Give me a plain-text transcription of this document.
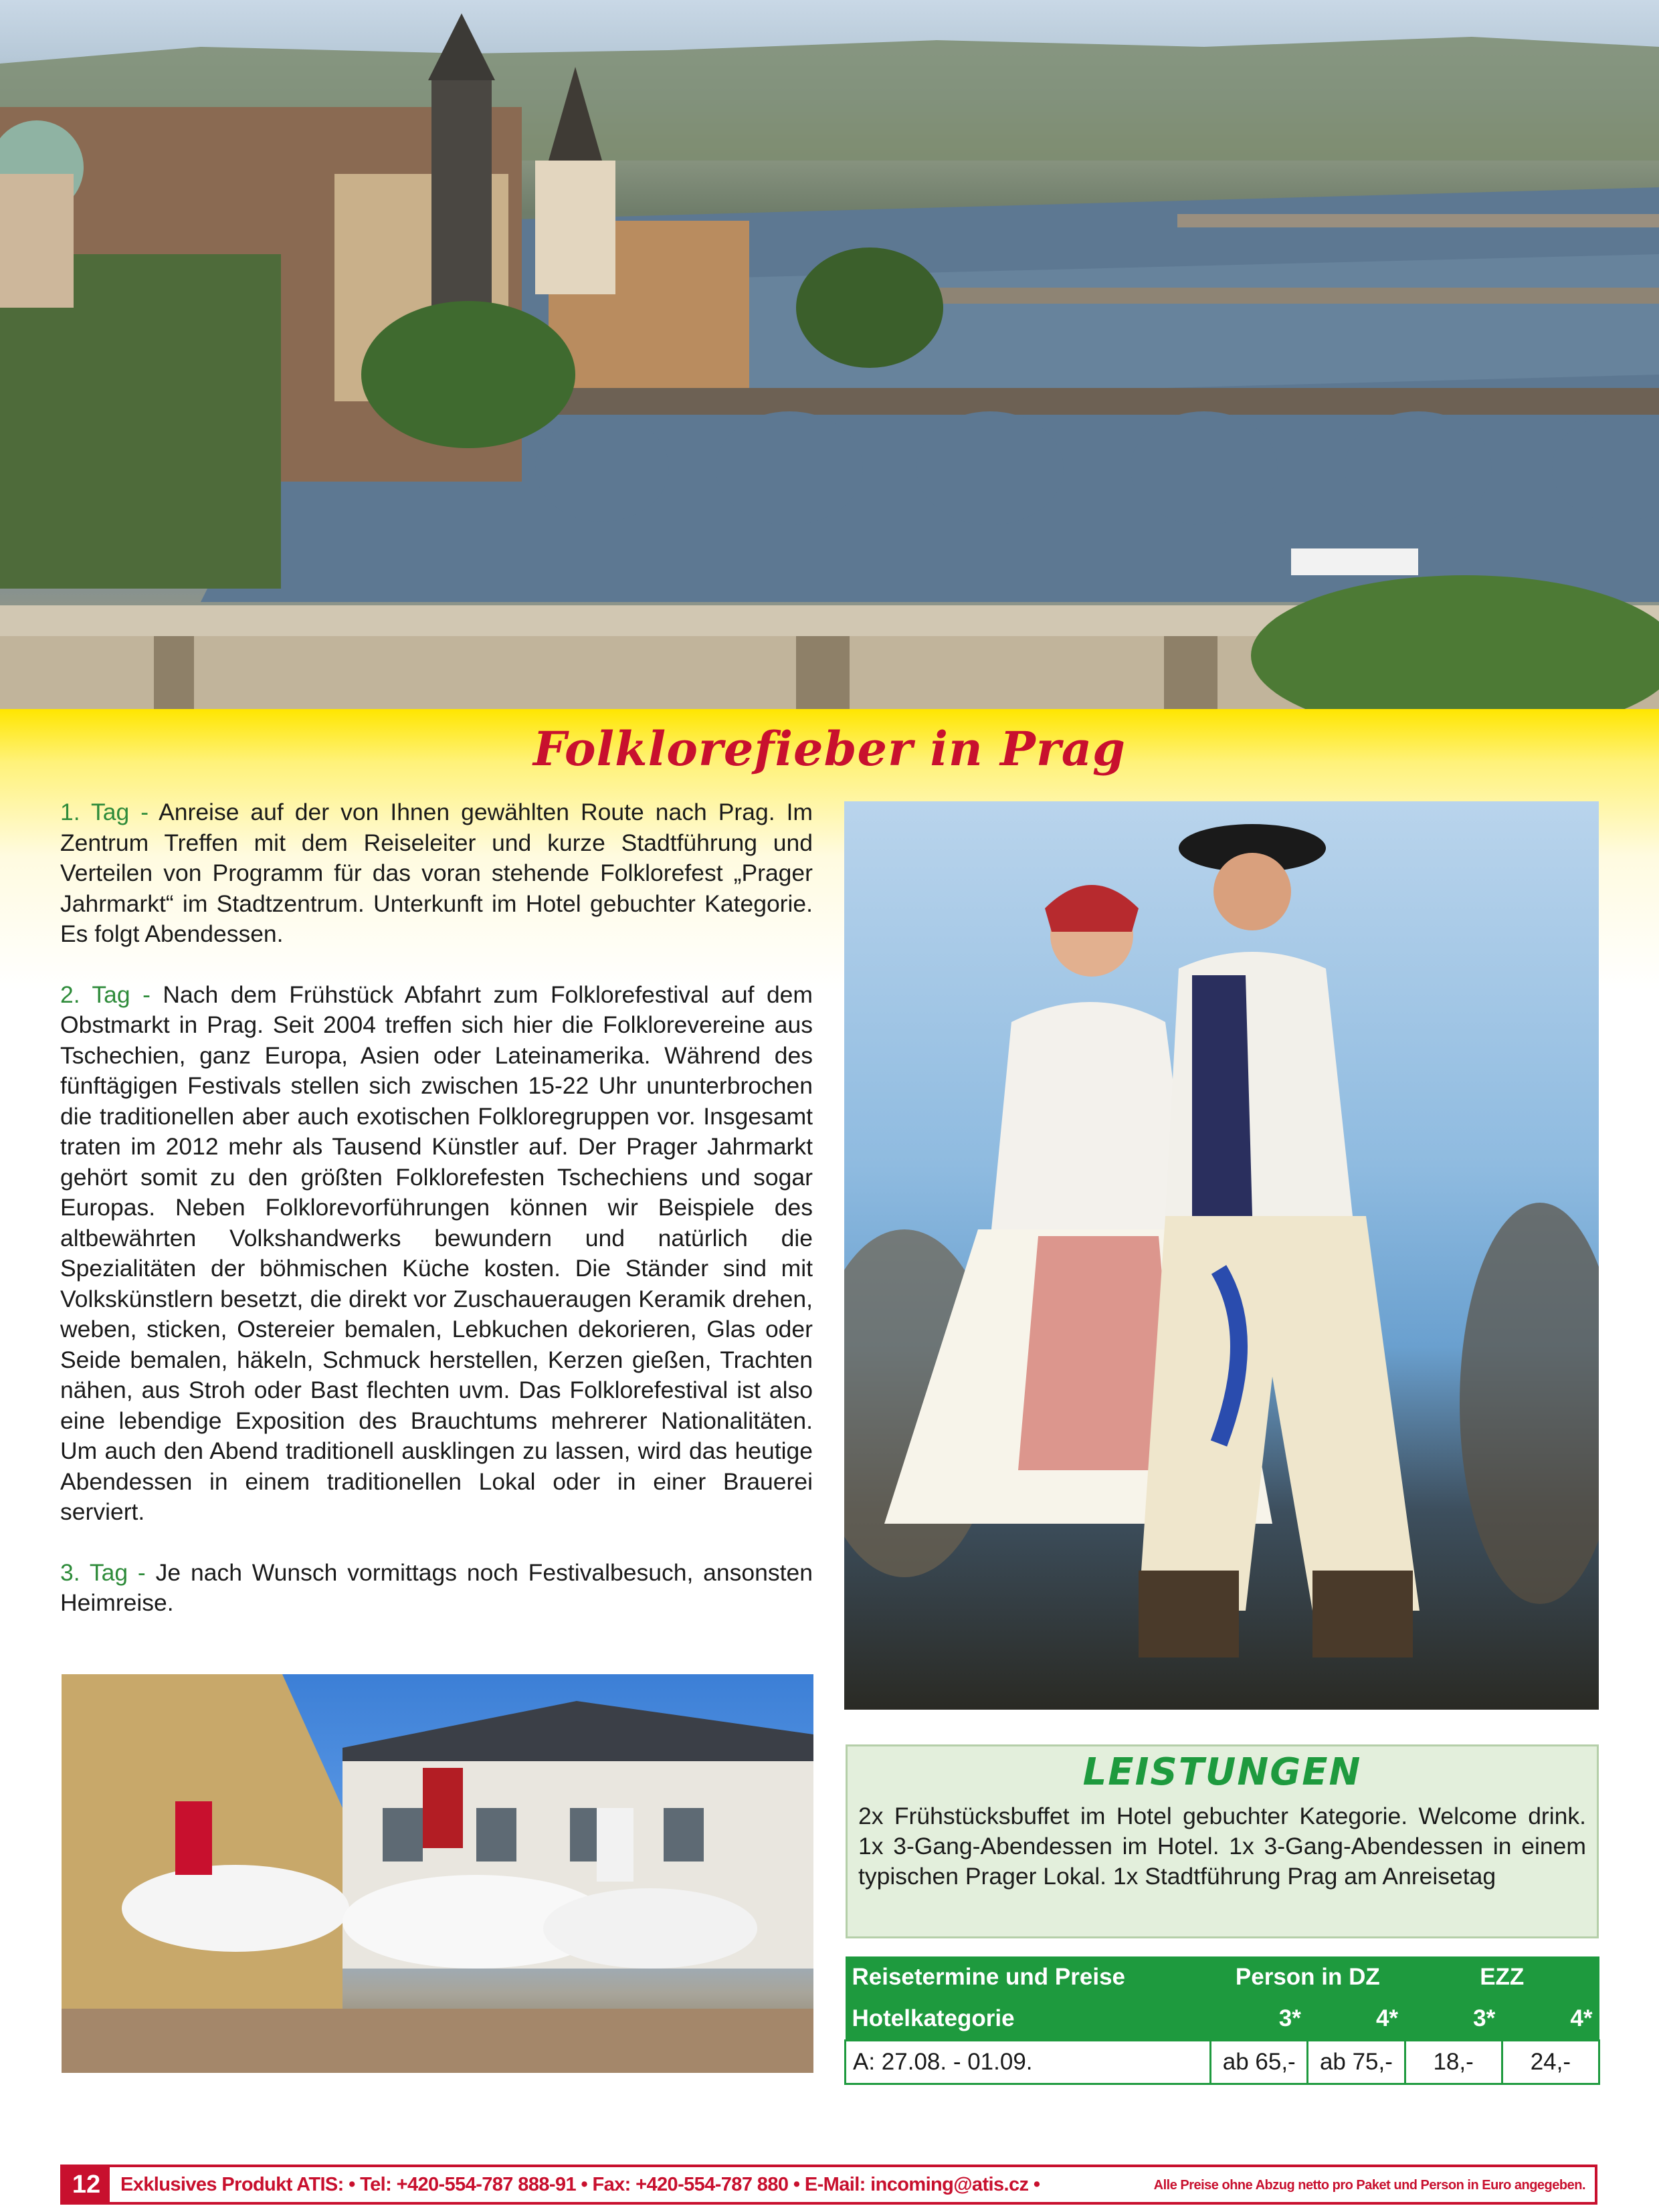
Folklorefieber in Prag

1. Tag - Anreise auf der von Ihnen gewählten Route nach Prag. Im Zentrum Treffen mit dem Reiseleiter und kurze Stadtführung und Verteilen von Programm für das voran stehende Folklorefest „Prager Jahrmarkt“ im Stadtzentrum. Unterkunft im Hotel gebuchter Kategorie. Es folgt Abendessen.

2. Tag - Nach dem Frühstück Abfahrt zum Folklorefestival auf dem Obstmarkt in Prag. Seit 2004 treffen sich hier die Folklorevereine aus Tschechien, ganz Europa, Asien oder Lateinamerika. Während des fünftägigen Festivals stellen sich zwischen 15-22 Uhr ununterbrochen die traditionellen aber auch exotischen Folkloregruppen vor. Insgesamt traten im 2012 mehr als Tausend Künstler auf. Der Prager Jahrmarkt gehört somit zu den größten Folklorefesten Tschechiens und sogar Europas. Neben Folklorevorführungen können wir Beispiele des altbewährten Volkshandwerks bewundern und natürlich die Spezialitäten der böhmischen Küche kosten. Die Ständer sind mit Volkskünstlern besetzt, die direkt vor Zuschaueraugen Keramik drehen, weben, sticken, Ostereier bemalen, Lebkuchen dekorieren, Glas oder Seide bemalen, häkeln, Schmuck herstellen, Kerzen gießen, Trachten nähen, aus Stroh oder Bast flechten uvm. Das Folklorefestival ist also eine lebendige Exposition des Brauchtums mehrerer Nationalitäten. Um auch den Abend traditionell ausklingen zu lassen, wird das heutige Abendessen in einem traditionellen Lokal oder in einer Brauerei serviert.

3. Tag - Je nach Wunsch vormittags noch Festivalbesuch, ansonsten Heimreise.

LEISTUNGEN
2x Frühstücksbuffet im Hotel gebuchter Kategorie. Welcome drink. 1x 3-Gang-Abendessen im Hotel. 1x 3-Gang-Abendessen in einem typischen Prager Lokal. 1x Stadtführung Prag am Anreisetag
Reisetermine und Preise	Person in DZ		EZZ	
Hotelkategorie	3*	4*	3*	4*
A: 27.08. - 01.09.	ab 65,-	ab 75,-	18,-	24,-
12	Exklusives Produkt ATIS: • Tel: +420-554-787 888-91 • Fax: +420-554-787 880 • E-Mail: incoming@atis.cz •	Alle Preise ohne Abzug netto pro Paket und Person in Euro angegeben.
